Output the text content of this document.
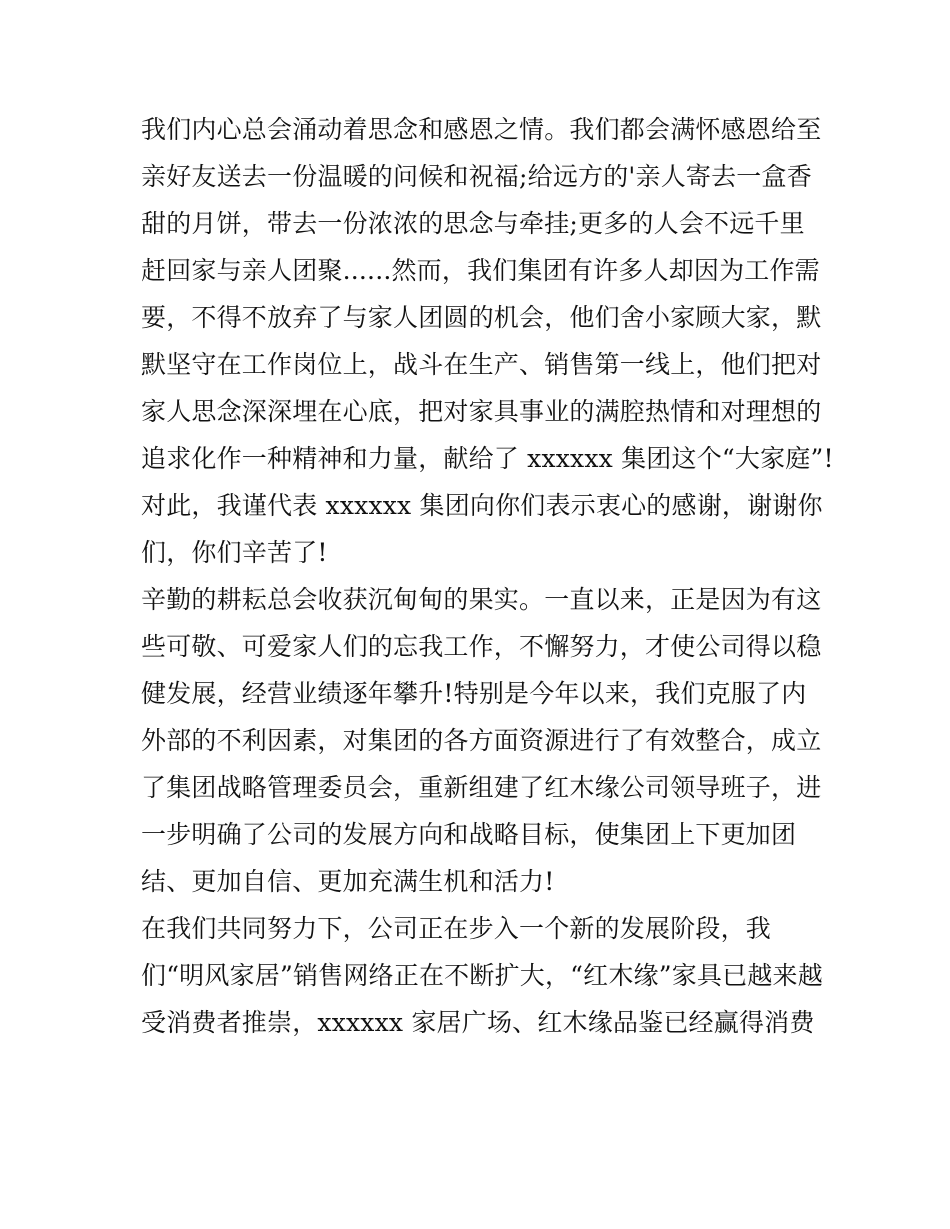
我们内心总会涌动着思念和感恩之情。我们都会满怀感恩给至
亲好友送去一份温暖的问候和祝福;给远方的'亲人寄去一盒香
甜的月饼，带去一份浓浓的思念与牵挂;更多的人会不远千里
赶回家与亲人团聚......然而，我们集团有许多人却因为工作需
要，不得不放弃了与家人团圆的机会，他们舍小家顾大家，默
默坚守在工作岗位上，战斗在生产、销售第一线上，他们把对
家人思念深深埋在心底，把对家具事业的满腔热情和对理想的
追求化作一种精神和力量，献给了 xxxxxx 集团这个“大家庭”!
对此，我谨代表 xxxxxx 集团向你们表示衷心的感谢，谢谢你
们，你们辛苦了!
辛勤的耕耘总会收获沉甸甸的果实。一直以来，正是因为有这
些可敬、可爱家人们的忘我工作，不懈努力，才使公司得以稳
健发展，经营业绩逐年攀升!特别是今年以来，我们克服了内
外部的不利因素，对集团的各方面资源进行了有效整合，成立
了集团战略管理委员会，重新组建了红木缘公司领导班子，进
一步明确了公司的发展方向和战略目标，使集团上下更加团
结、更加自信、更加充满生机和活力!
在我们共同努力下，公司正在步入一个新的发展阶段，我
们“明风家居”销售网络正在不断扩大，“红木缘”家具已越来越
受消费者推崇，xxxxxx 家居广场、红木缘品鉴已经赢得消费
